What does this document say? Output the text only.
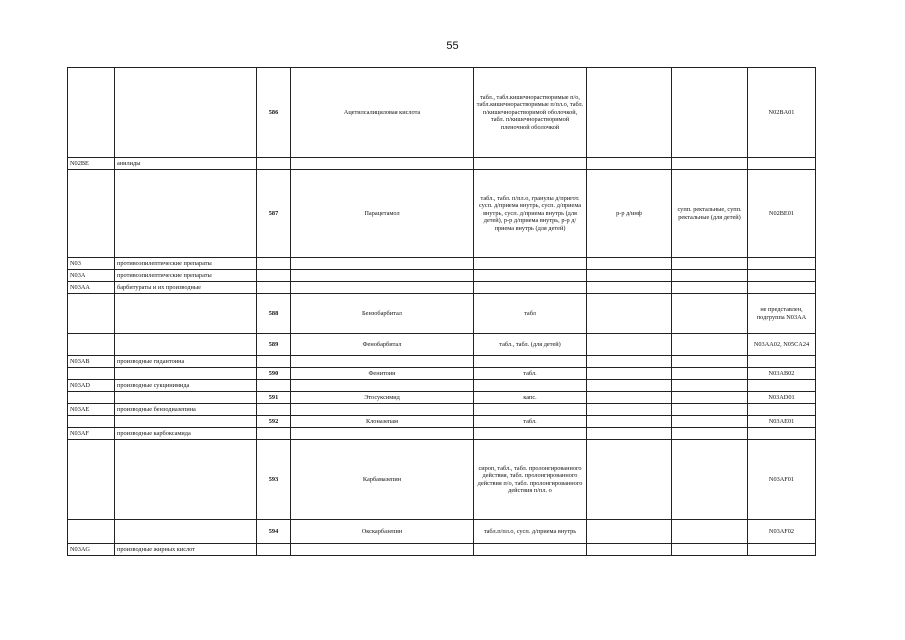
55
		586	Ацетилсалициловая кислота	табл., табл.кишечнорастворимые п/о, табл.кишечнорастворимые п/пл.о, табл. п/кишечнорастворимой оболочкой, табл. п/кишечнорастворимой пленочной оболочкой			N02BA01
N02BE	анилиды						
		587	Парацетамол	табл., табл. п/пл.о, гранулы д/пригот. сусп. д/приема внутрь, сусп. д/приема внутрь, сусп. д/приема внутрь (для детей), р-р д/приема внутрь, р-р д/приема внутрь (для детей)	р-р д/инф	супп. ректальные, супп. ректальные (для детей)	N02BE01
N03	противоэпилептические препараты						
N03A	противоэпилептические препараты						
N03AA	барбитураты и их производные						
		588	Бензобарбитал	табл			не представлен, подгруппа N03AA
		589	Фенобарбитал	табл., табл. (для детей)			N03AA02, N05CA24
N03AB	производные гидантоина						
		590	Фенитоин	табл.			N03AB02
N03AD	производные сукцинимида						
		591	Этосуксимид	капс.			N03AD01
N03AE	производные бензодиазепина						
		592	Клоназепам	табл.			N03AE01
N03AF	производные карбоксамида						
		593	Карбамазепин	сироп, табл., табл. пролонгированного действия, табл. пролонгированного действия п/о, табл. пролонгированного действия п/пл. о			N03AF01
		594	Окскарбазепин	табл.п/пл.о, сусп. д/приема внутрь			N03AF02
N03AG	производные жирных кислот						
